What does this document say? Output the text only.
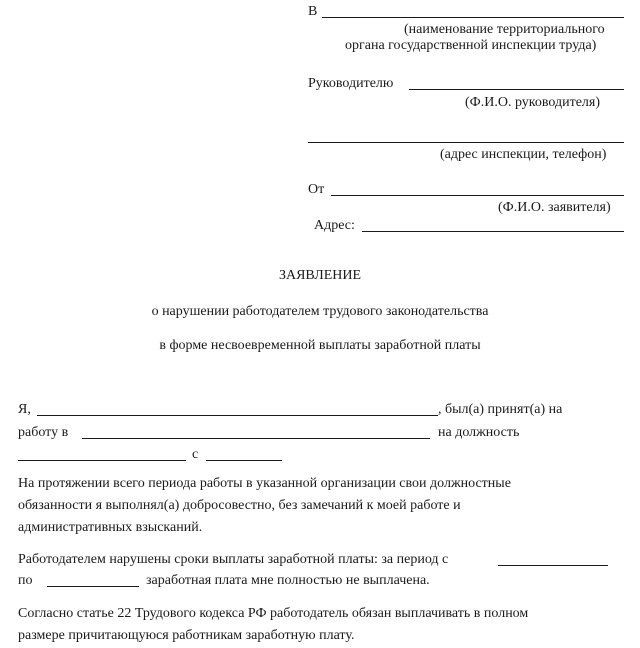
В
(наименование территориального
органа государственной инспекции труда)
Руководителю
(Ф.И.О. руководителя)
(адрес инспекции, телефон)
От
(Ф.И.О. заявителя)
Адрес:
ЗАЯВЛЕНИЕ
о нарушении работодателем трудового законодательства
в форме несвоевременной выплаты заработной платы
Я,	, был(а) принят(а) на
работу в	на должность
с
На протяжении всего периода работы в указанной организации свои должностные
обязанности я выполнял(а) добросовестно, без замечаний к моей работе и
административных взысканий.
Работодателем нарушены сроки выплаты заработной платы: за период с
по	заработная плата мне полностью не выплачена.
Согласно статье 22 Трудового кодекса РФ работодатель обязан выплачивать в полном
размере причитающуюся работникам заработную плату.
